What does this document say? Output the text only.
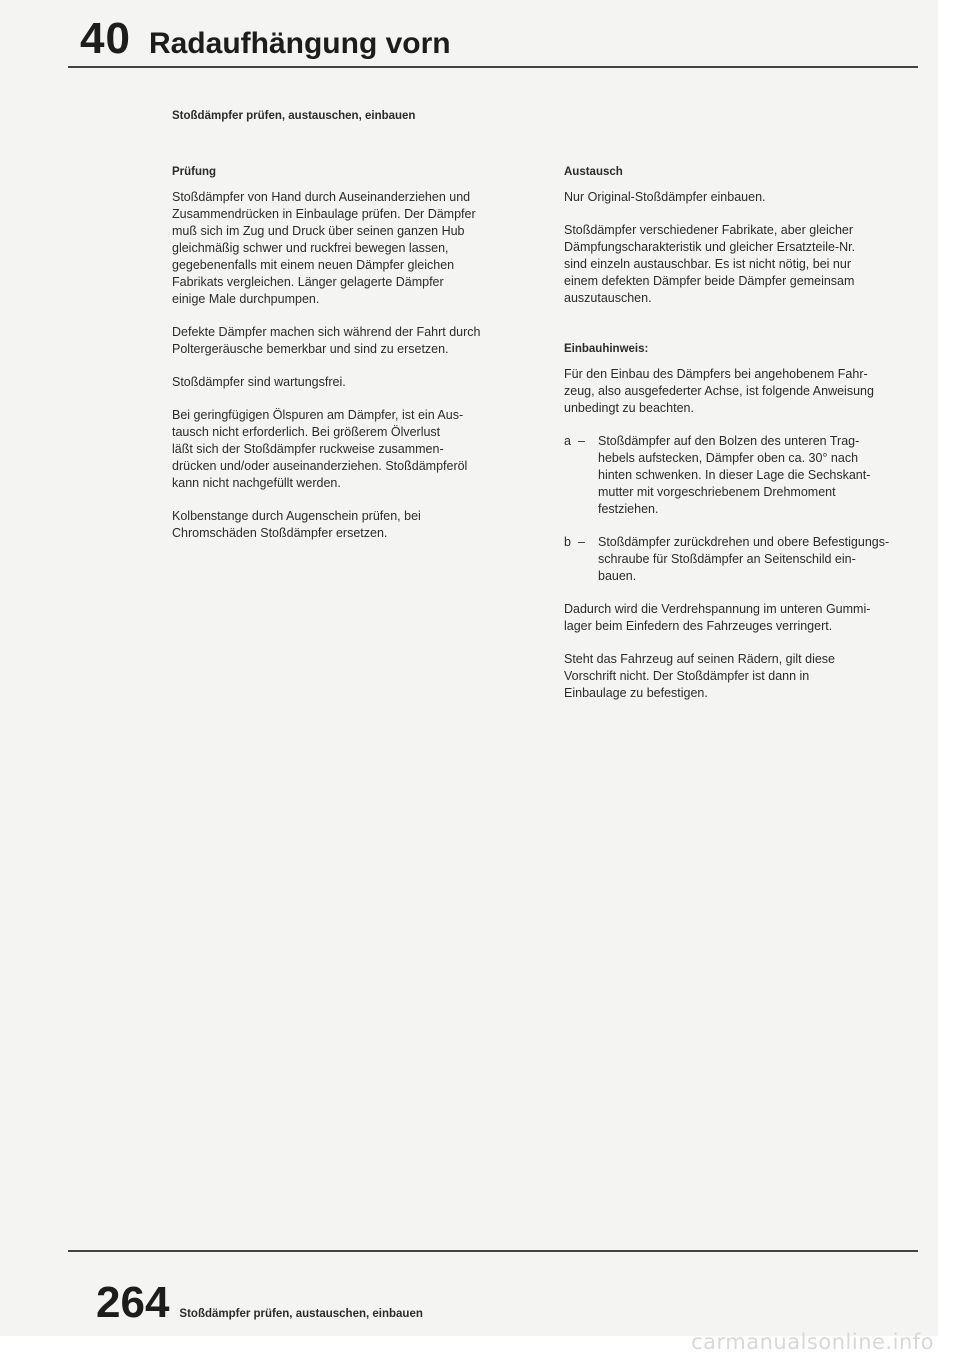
40 Radaufhängung vorn
Stoßdämpfer prüfen, austauschen, einbauen
Prüfung

Stoßdämpfer von Hand durch Auseinanderziehen und
Zusammendrücken in Einbaulage prüfen. Der Dämpfer
muß sich im Zug und Druck über seinen ganzen Hub
gleichmäßig schwer und ruckfrei bewegen lassen,
gegebenenfalls mit einem neuen Dämpfer gleichen
Fabrikats vergleichen. Länger gelagerte Dämpfer
einige Male durchpumpen.

Defekte Dämpfer machen sich während der Fahrt durch
Poltergeräusche bemerkbar und sind zu ersetzen.

Stoßdämpfer sind wartungsfrei.

Bei geringfügigen Ölspuren am Dämpfer, ist ein Aus-
tausch nicht erforderlich. Bei größerem Ölverlust
läßt sich der Stoßdämpfer ruckweise zusammen-
drücken und/oder auseinanderziehen. Stoßdämpferöl
kann nicht nachgefüllt werden.

Kolbenstange durch Augenschein prüfen, bei
Chromschäden Stoßdämpfer ersetzen.

Austausch

Nur Original-Stoßdämpfer einbauen.

Stoßdämpfer verschiedener Fabrikate, aber gleicher
Dämpfungscharakteristik und gleicher Ersatzteile-Nr.
sind einzeln austauschbar. Es ist nicht nötig, bei nur
einem defekten Dämpfer beide Dämpfer gemeinsam
auszutauschen.

Einbauhinweis:

Für den Einbau des Dämpfers bei angehobenem Fahr-
zeug, also ausgefederter Achse, ist folgende Anweisung
unbedingt zu beachten.

a –	Stoßdämpfer auf den Bolzen des unteren Trag-
hebels aufstecken, Dämpfer oben ca. 30° nach
hinten schwenken. In dieser Lage die Sechskant-
mutter mit vorgeschriebenem Drehmoment
festziehen.
b –	Stoßdämpfer zurückdrehen und obere Befestigungs-
schraube für Stoßdämpfer an Seitenschild ein-
bauen.

Dadurch wird die Verdrehspannung im unteren Gummi-
lager beim Einfedern des Fahrzeuges verringert.

Steht das Fahrzeug auf seinen Rädern, gilt diese
Vorschrift nicht. Der Stoßdämpfer ist dann in
Einbaulage zu befestigen.

264 Stoßdämpfer prüfen, austauschen, einbauen
carmanualsonline.info
